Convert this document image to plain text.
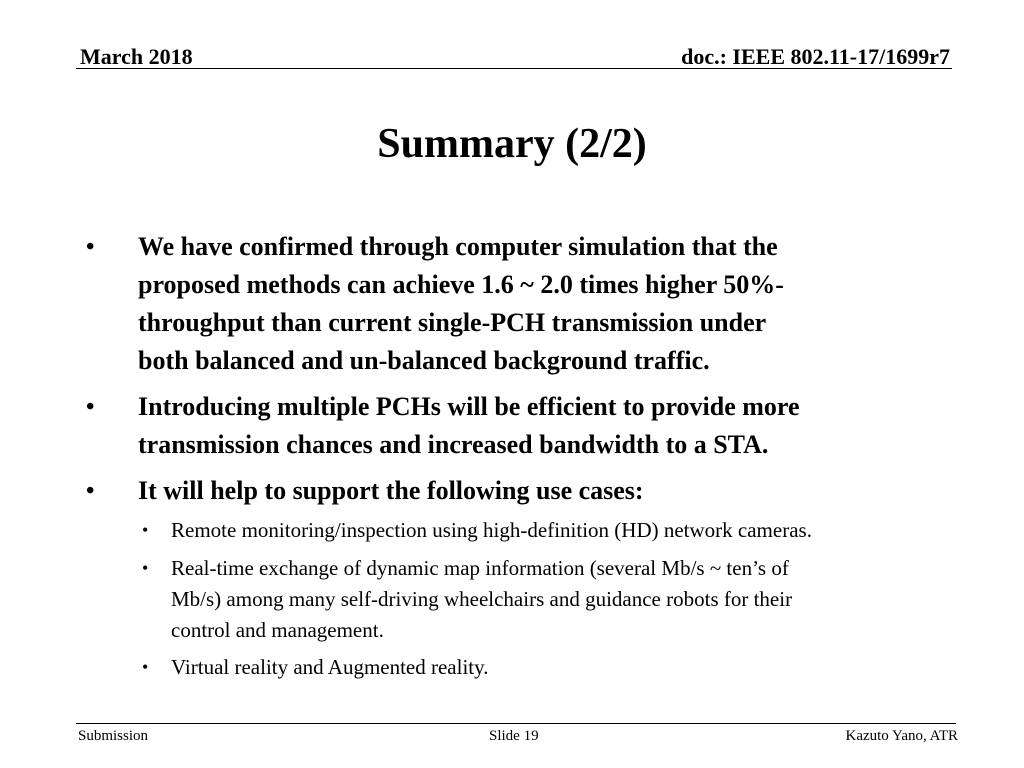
March 2018	doc.: IEEE 802.11-17/1699r7
Summary (2/2)
• We have confirmed through computer simulation that the
proposed methods can achieve 1.6 ~ 2.0 times higher 50%-
throughput than current single-PCH transmission under
both balanced and un-balanced background traffic.
• Introducing multiple PCHs will be efficient to provide more
transmission chances and increased bandwidth to a STA.
• It will help to support the following use cases:
• Remote monitoring/inspection using high-definition (HD) network cameras.
• Real-time exchange of dynamic map information (several Mb/s ~ ten’s of
Mb/s) among many self-driving wheelchairs and guidance robots for their
control and management.
• Virtual reality and Augmented reality.
Submission	Slide 19	Kazuto Yano, ATR
